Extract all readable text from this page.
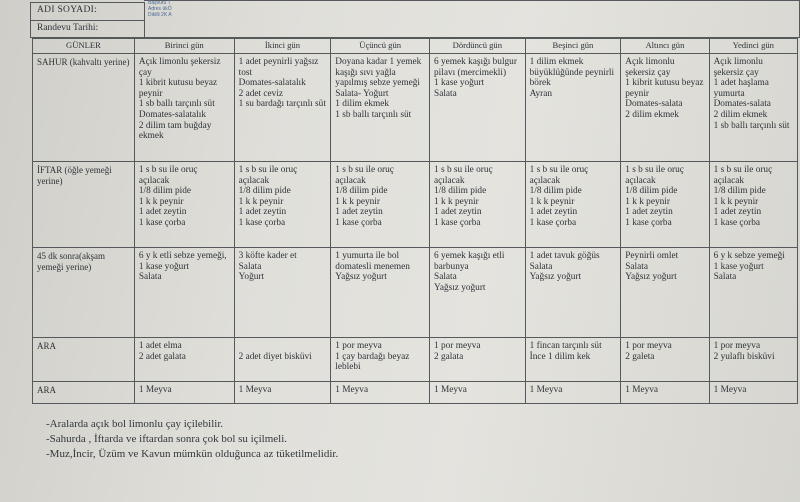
ADI SOYADI:
Randevu Tarihi:
Başvuru T
Adres ūkÖ
Dikilli 2K A
GÜNLER	Birinci gün	İkinci gün	Üçüncü gün	Dördüncü gün	Beşinci gün	Altıncı gün	Yedinci gün
SAHUR (kahvaltı yerine)	Açık limonlu şekersiz çay
1 kibrit kutusu beyaz peynir
1 sb ballı tarçınlı süt
Domates-salatalık
2 dilim tam buğday ekmek	1 adet peynirli yağsız tost
Domates-salatalık
2 adet ceviz
1 su bardağı tarçınlı süt	Doyana kadar 1 yemek kaşığı sıvı yağla yapılmış sebze yemeği
Salata- Yoğurt
1 dilim ekmek
1 sb ballı tarçınlı süt	6 yemek kaşığı bulgur pilavı (mercimekli)
1 kase yoğurt
Salata	1 dilim ekmek büyüklüğünde peynirli börek
Ayran	Açık limonlu şekersiz çay
1 kibrit kutusu beyaz peynir
Domates-salata
2 dilim ekmek	Açık limonlu şekersiz çay
1 adet haşlama yumurta
Domates-salata
2 dilim ekmek
1 sb ballı tarçınlı süt
İFTAR (öğle yemeği yerine)	1 s b su ile oruç açılacak
1/8 dilim pide
1 k k peynir
1 adet zeytin
1 kase çorba	1 s b su ile oruç açılacak
1/8 dilim pide
1 k k peynir
1 adet zeytin
1 kase çorba	1 s b su ile oruç açılacak
1/8 dilim pide
1 k k peynir
1 adet zeytin
1 kase çorba	1 s b su ile oruç açılacak
1/8 dilim pide
1 k k peynir
1 adet zeytin
1 kase çorba	1 s b su ile oruç açılacak
1/8 dilim pide
1 k k peynir
1 adet zeytin
1 kase çorba	1 s b su ile oruç açılacak
1/8 dilim pide
1 k k peynir
1 adet zeytin
1 kase çorba	1 s b su ile oruç açılacak
1/8 dilim pide
1 k k peynir
1 adet zeytin
1 kase çorba
45 dk sonra(akşam yemeği yerine)	6 y k etli sebze yemeği,
1 kase yoğurt
Salata	3 köfte kader et
Salata
Yoğurt	1 yumurta ile bol domatesli menemen
Yağsız yoğurt	6 yemek kaşığı etli barbunya
Salata
Yağsız yoğurt	1 adet tavuk göğüs
Salata
Yağsız yoğurt	Peynirli omlet
Salata
Yağsız yoğurt	6 y k sebze yemeği
1 kase yoğurt
Salata
ARA	1 adet elma
2 adet galata	
2 adet diyet bisküvi	1 por meyva
1 çay bardağı beyaz leblebi	1 por meyva
2 galata	1 fincan tarçınlı süt
İnce 1 dilim kek	1 por meyva
2 galeta	1 por meyva
2 yulaflı bisküvi
ARA	1 Meyva	1 Meyva	1 Meyva	1 Meyva	1 Meyva	1 Meyva	1 Meyva
-Aralarda açık bol limonlu çay içilebilir.
-Sahurda , İftarda ve iftardan sonra çok bol su içilmeli.
-Muz,İncir, Üzüm ve Kavun mümkün olduğunca az tüketilmelidir.
